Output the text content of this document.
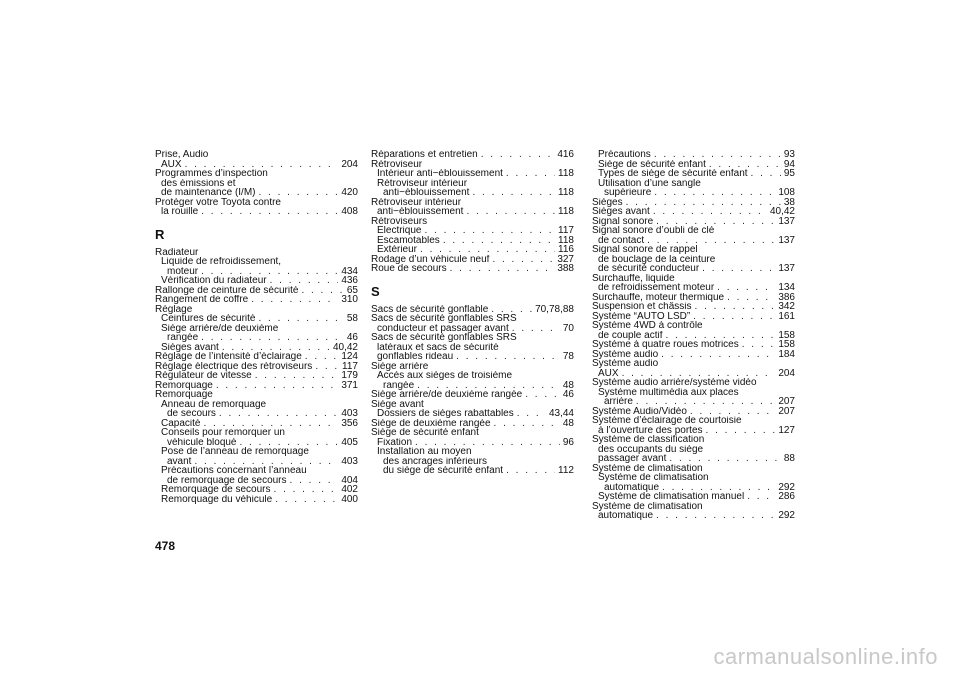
Prise, Audio
AUX . . .	204
Programmes d’inspection
des émissions et
de maintenance (I/M) . . .	420
Protéger votre Toyota contre
la rouille . . .	408
R
Radiateur
Liquide de refroidissement,
moteur . . .	434
Vérification du radiateur . . .	436
Rallonge de ceinture de sécurité . . .	65
Rangement de coffre . . .	310
Réglage
Ceintures de sécurité . . .	58
Siège arrière/de deuxième
rangée . . .	46
Sièges avant . . .	40,42
Réglage de l’intensité d’éclairage . . .	124
Réglage électrique des rétroviseurs . . .	117
Régulateur de vitesse . . .	179
Remorquage . . .	371
Remorquage
Anneau de remorquage
de secours . . .	403
Capacité . . .	356
Conseils pour remorquer un
véhicule bloqué . . .	405
Pose de l’anneau de remorquage
avant . . .	403
Précautions concernant l’anneau
de remorquage de secours . . .	404
Remorquage de secours . . .	402
Remorquage du véhicule . . .	400
Réparations et entretien . . .	416
Rétroviseur
Intérieur anti−éblouissement . . .	118
Rétroviseur intérieur
anti−éblouissement . . .	118
Rétroviseur intérieur
anti−éblouissement . . .	118
Rétroviseurs
Electrique . . .	117
Escamotables . . .	118
Extérieur . . .	116
Rodage d’un véhicule neuf . . .	327
Roue de secours . . .	388
S
Sacs de sécurité gonflable . . .	70,78,88
Sacs de sécurité gonflables SRS
conducteur et passager avant . . .	70
Sacs de sécurité gonflables SRS
latéraux et sacs de sécurité
gonflables rideau . . .	78
Siège arrière
Accès aux sièges de troisième
rangée . . .	48
Siège arrière/de deuxième rangée . . .	46
Siège avant
Dossiers de sièges rabattables . . .	43,44
Siège de deuxième rangée . . .	48
Siège de sécurité enfant
Fixation . . .	96
Installation au moyen
des ancrages inférieurs
du siège de sécurité enfant . . .	112
Précautions . . .	93
Siège de sécurité enfant . . .	94
Types de siège de sécurité enfant . . .	95
Utilisation d’une sangle
supérieure . . .	108
Sièges . . .	38
Sièges avant . . .	40,42
Signal sonore . . .	137
Signal sonore d’oubli de clé
de contact . . .	137
Signal sonore de rappel
de bouclage de la ceinture
de sécurité conducteur . . .	137
Surchauffe, liquide
de refroidissement moteur . . .	134
Surchauffe, moteur thermique . . .	386
Suspension et châssis . . .	342
Système “AUTO LSD” . . .	161
Système 4WD à contrôle
de couple actif . . .	158
Système à quatre roues motrices . . .	158
Système audio . . .	184
Système audio
AUX . . .	204
Système audio arrière/système vidéo
Système multimédia aux places
arrière . . .	207
Système Audio/Vidéo . . .	207
Système d’éclairage de courtoisie
à l’ouverture des portes . . .	127
Système de classification
des occupants du siège
passager avant . . .	88
Système de climatisation
Système de climatisation
automatique . . .	292
Système de climatisation manuel . . .	286
Système de climatisation
automatique . . .	292
478
carmanualsonline.info
